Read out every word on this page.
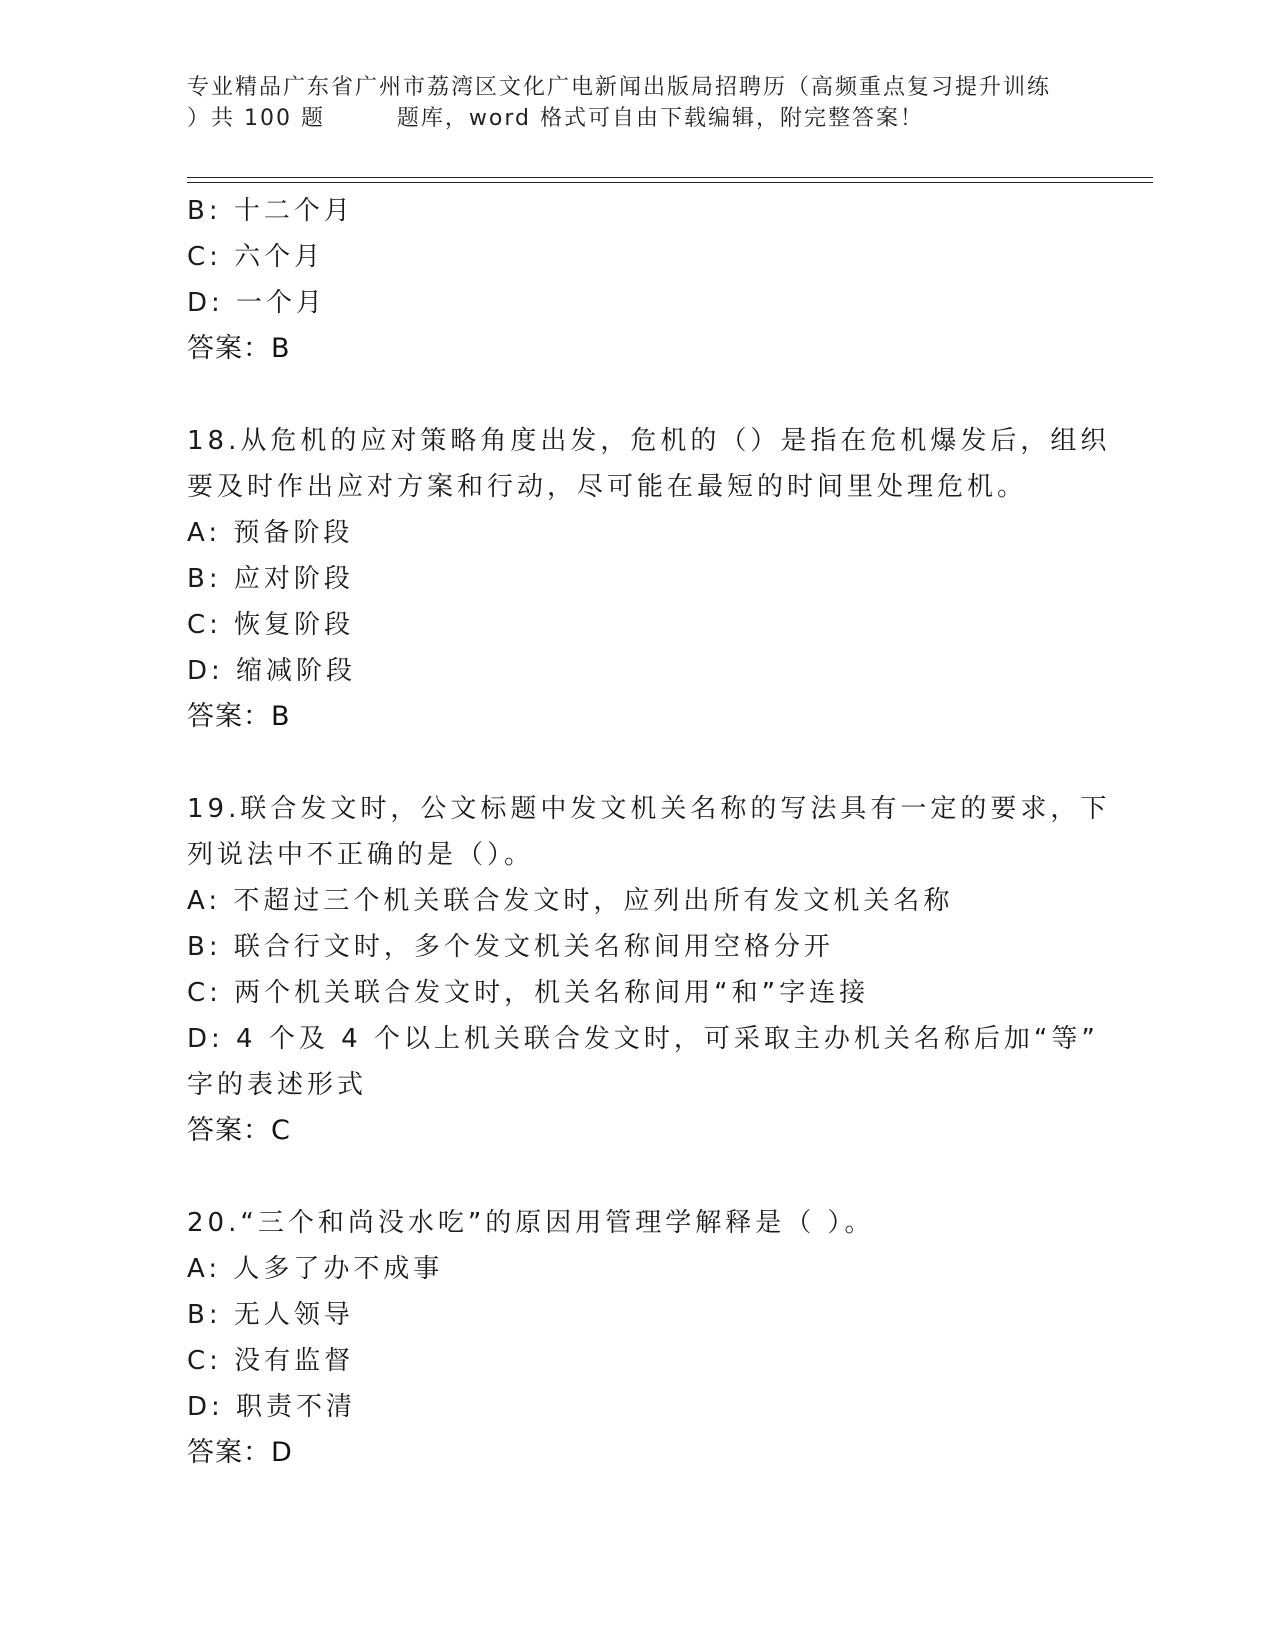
专业精品广东省广州市荔湾区文化广电新闻出版局招聘历（高频重点复习提升训练
）共 100 题        题库，word 格式可自由下载编辑，附完整答案！
B: 十二个月
C: 六个月
D: 一个月
答案：B
18.从危机的应对策略角度出发，危机的（）是指在危机爆发后，组织
要及时作出应对方案和行动，尽可能在最短的时间里处理危机。
A: 预备阶段
B: 应对阶段
C: 恢复阶段
D: 缩减阶段
答案：B
19.联合发文时，公文标题中发文机关名称的写法具有一定的要求，下
列说法中不正确的是（）。
A: 不超过三个机关联合发文时，应列出所有发文机关名称
B: 联合行文时，多个发文机关名称间用空格分开
C: 两个机关联合发文时，机关名称间用“和”字连接
D: 4 个及 4 个以上机关联合发文时，可采取主办机关名称后加“等”
字的表述形式
答案：C
20.“三个和尚没水吃”的原因用管理学解释是（ ）。
A: 人多了办不成事
B: 无人领导
C: 没有监督
D: 职责不清
答案：D
